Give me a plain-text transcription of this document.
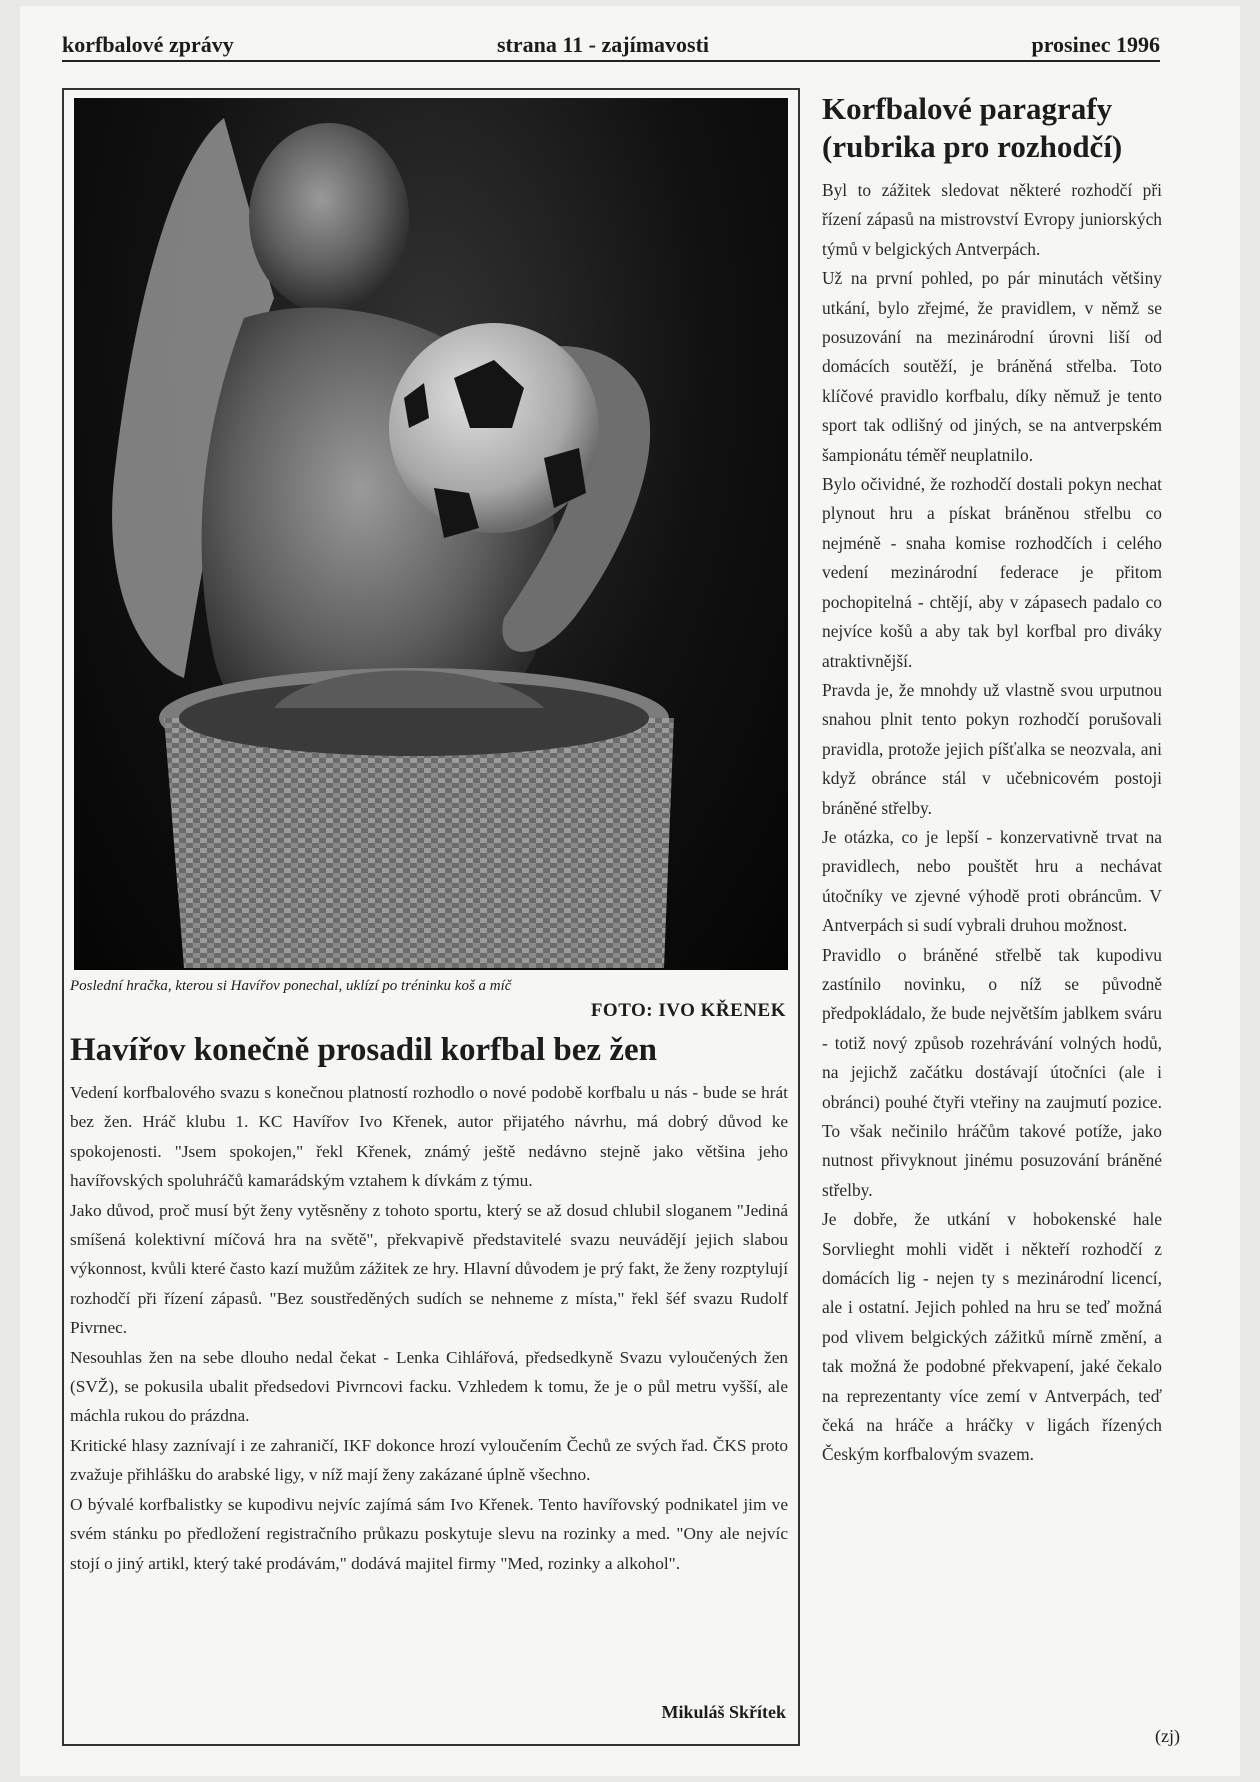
korfbalové zprávy	strana 11 - zajímavosti	prosinec 1996
Poslední hračka, kterou si Havířov ponechal, uklízí po tréninku koš a míč
FOTO: IVO KŘENEK
Havířov konečně prosadil korfbal bez žen

Vedení korfbalového svazu s konečnou platností rozhodlo o nové podobě korfbalu u nás - bude se hrát bez žen. Hráč klubu 1. KC Havířov Ivo Křenek, autor přijatého návrhu, má dobrý důvod ke spokojenosti. "Jsem spokojen," řekl Křenek, známý ještě nedávno stejně jako většina jeho havířovských spoluhráčů kamarádským vztahem k dívkám z týmu.

Jako důvod, proč musí být ženy vytěsněny z tohoto sportu, který se až dosud chlubil sloganem "Jediná smíšená kolektivní míčová hra na světě", překvapivě představitelé svazu neuvádějí jejich slabou výkonnost, kvůli které často kazí mužům zážitek ze hry. Hlavní důvodem je prý fakt, že ženy rozptylují rozhodčí při řízení zápasů. "Bez soustředěných sudích se nehneme z místa," řekl šéf svazu Rudolf Pivrnec.

Nesouhlas žen na sebe dlouho nedal čekat - Lenka Cihlářová, předsedkyně Svazu vyloučených žen (SVŽ), se pokusila ubalit předsedovi Pivrncovi facku. Vzhledem k tomu, že je o půl metru vyšší, ale máchla rukou do prázdna.

Kritické hlasy zaznívají i ze zahraničí, IKF dokonce hrozí vyloučením Čechů ze svých řad. ČKS proto zvažuje přihlášku do arabské ligy, v níž mají ženy zakázané úplně všechno.

O bývalé korfbalistky se kupodivu nejvíc zajímá sám Ivo Křenek. Tento havířovský podnikatel jim ve svém stánku po předložení registračního průkazu poskytuje slevu na rozinky a med. "Ony ale nejvíc stojí o jiný artikl, který také prodávám," dodává majitel firmy "Med, rozinky a alkohol".

Mikuláš Skřítek
Korfbalové paragrafy (rubrika pro rozhodčí)

Byl to zážitek sledovat některé rozhodčí při řízení zápasů na mistrovství Evropy juniorských týmů v belgických Antverpách.

Už na první pohled, po pár minutách většiny utkání, bylo zřejmé, že pravidlem, v němž se posuzování na mezinárodní úrovni liší od domácích soutěží, je bráněná střelba. Toto klíčové pravidlo korfbalu, díky němuž je tento sport tak odlišný od jiných, se na antverpském šampionátu téměř neuplatnilo.

Bylo očividné, že rozhodčí dostali pokyn nechat plynout hru a pískat bráněnou střelbu co nejméně - snaha komise rozhodčích i celého vedení mezinárodní federace je přitom pochopitelná - chtějí, aby v zápasech padalo co nejvíce košů a aby tak byl korfbal pro diváky atraktivnější.

Pravda je, že mnohdy už vlastně svou urputnou snahou plnit tento pokyn rozhodčí porušovali pravidla, protože jejich píšťalka se neozvala, ani když obránce stál v učebnicovém postoji bráněné střelby.

Je otázka, co je lepší - konzervativně trvat na pravidlech, nebo pouštět hru a nechávat útočníky ve zjevné výhodě proti obráncům. V Antverpách si sudí vybrali druhou možnost.

Pravidlo o bráněné střelbě tak kupodivu zastínilo novinku, o níž se původně předpokládalo, že bude největším jablkem sváru - totiž nový způsob rozehrávání volných hodů, na jejichž začátku dostávají útočníci (ale i obránci) pouhé čtyři vteřiny na zaujmutí pozice. To však nečinilo hráčům takové potíže, jako nutnost přivyknout jinému posuzování bráněné střelby.

Je dobře, že utkání v hobokenské hale Sorvlieght mohli vidět i někteří rozhodčí z domácích lig - nejen ty s mezinárodní licencí, ale i ostatní. Jejich pohled na hru se teď možná pod vlivem belgických zážitků mírně změní, a tak možná že podobné překvapení, jaké čekalo na reprezentanty více zemí v Antverpách, teď čeká na hráče a hráčky v ligách řízených Českým korfbalovým svazem.

(zj)
